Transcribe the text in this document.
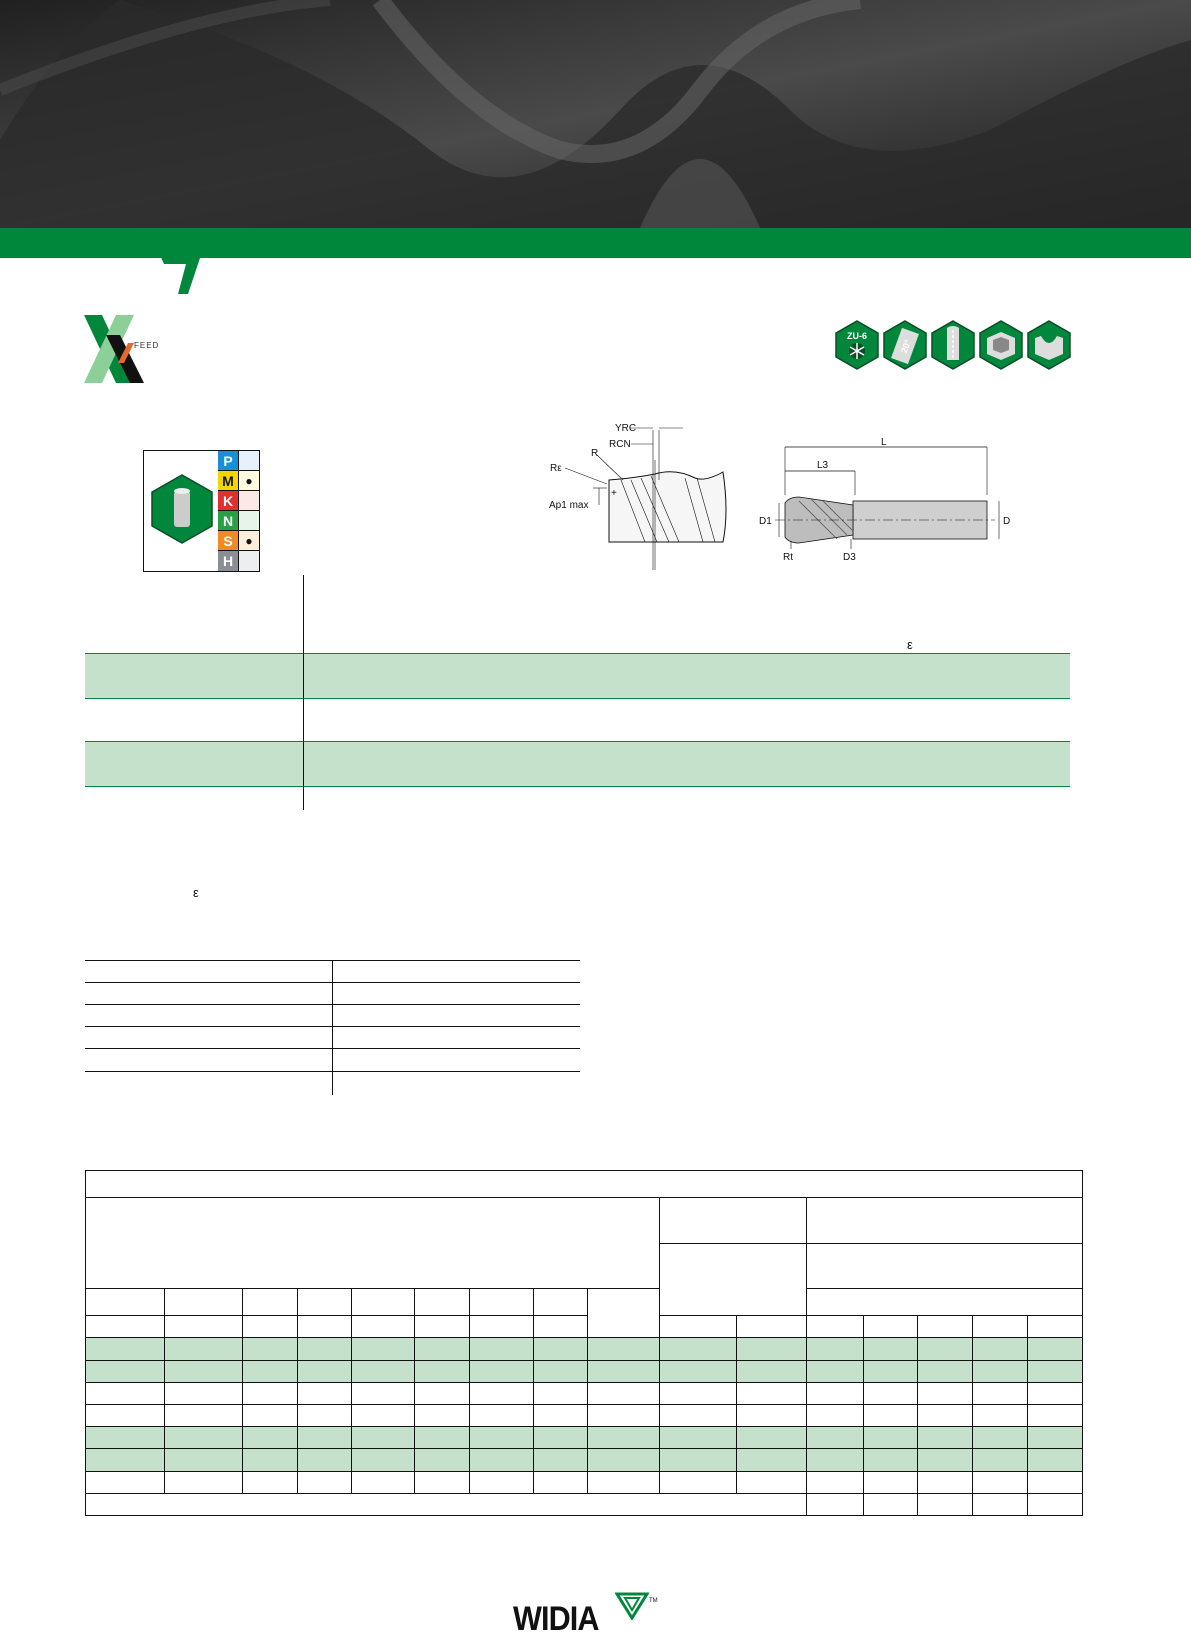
FEED
ZU-6
20°
P
M ●
K
N
S	●
H
YRC
RCN
R
Rε
Ap1 max
+
L
L3
D1	D
Rt	D3
ε
ε

WIDIA	TM
